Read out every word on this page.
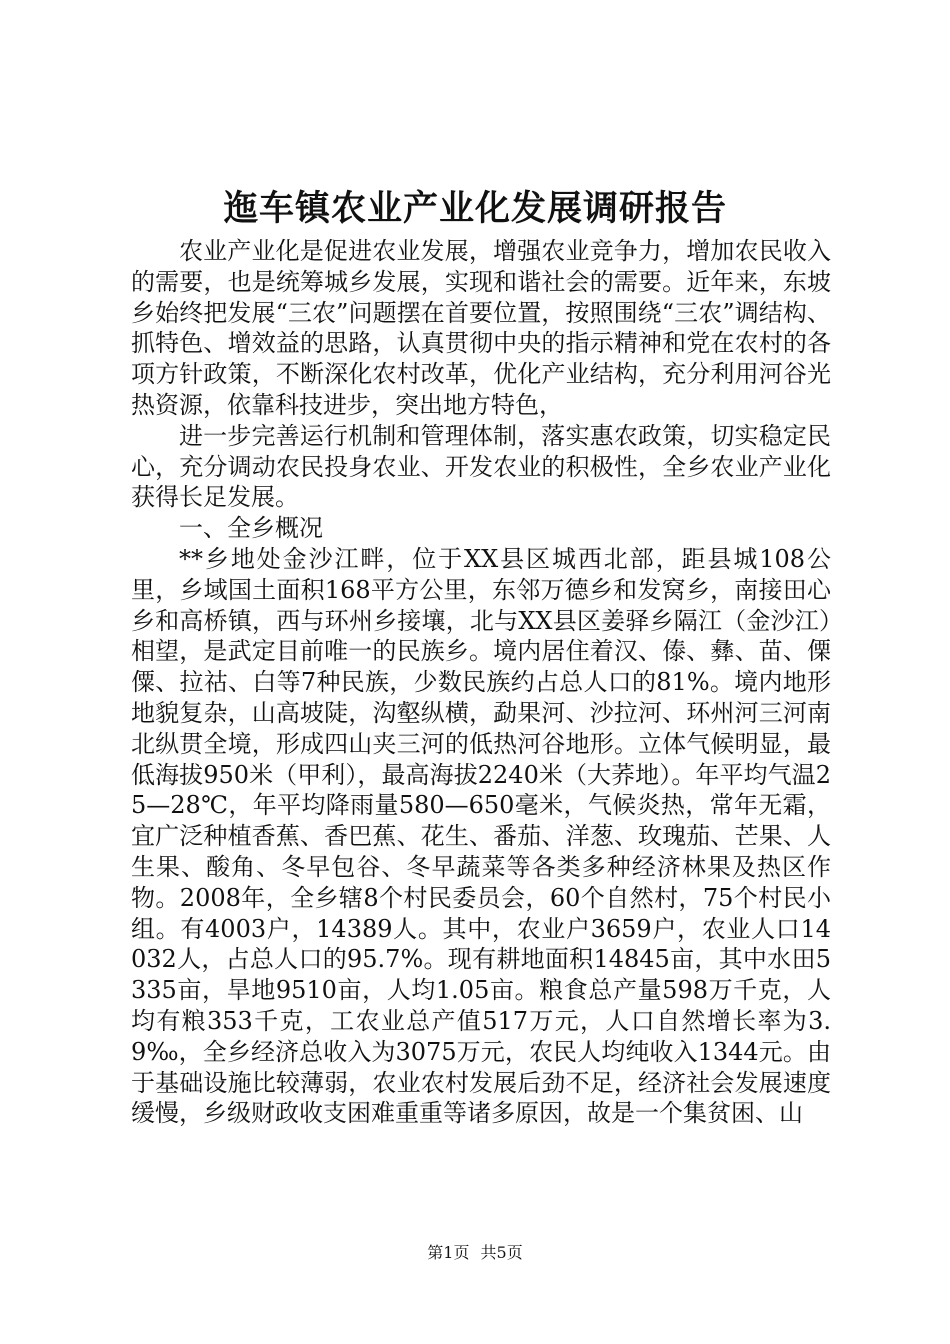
迤车镇农业产业化发展调研报告

农业产业化是促进农业发展，增强农业竞争力，增加农民收入的需要，也是统筹城乡发展，实现和谐社会的需要。近年来，东坡乡始终把发展“三农”问题摆在首要位置，按照围绕“三农”调结构、抓特色、增效益的思路，认真贯彻中央的指示精神和党在农村的各项方针政策，不断深化农村改革，优化产业结构，充分利用河谷光热资源，依靠科技进步，突出地方特色，

进一步完善运行机制和管理体制，落实惠农政策，切实稳定民心，充分调动农民投身农业、开发农业的积极性，全乡农业产业化获得长足发展。

一、全乡概况

**乡地处金沙江畔，位于XX县区城西北部，距县城108公里，乡域国土面积168平方公里，东邻万德乡和发窝乡，南接田心乡和高桥镇，西与环州乡接壤，北与XX县区姜驿乡隔江（金沙江）相望，是武定目前唯一的民族乡。境内居住着汉、傣、彝、苗、傈僳、拉祜、白等7种民族，少数民族约占总人口的81%。境内地形地貌复杂，山高坡陡，沟壑纵横，勐果河、沙拉河、环州河三河南北纵贯全境，形成四山夹三河的低热河谷地形。立体气候明显，最低海拔950米（甲利），最高海拔2240米（大荞地）。年平均气温25—28℃，年平均降雨量580—650毫米，气候炎热，常年无霜，宜广泛种植香蕉、香巴蕉、花生、番茄、洋葱、玫瑰茄、芒果、人生果、酸角、冬早包谷、冬早蔬菜等各类多种经济林果及热区作物。2008年，全乡辖8个村民委员会，60个自然村，75个村民小组。有4003户，14389人。其中，农业户3659户，农业人口14032人，占总人口的95.7%。现有耕地面积14845亩，其中水田5335亩，旱地9510亩，人均1.05亩。粮食总产量598万千克，人均有粮353千克，工农业总产值517万元，人口自然增长率为3.9‰，全乡经济总收入为3075万元，农民人均纯收入1344元。由于基础设施比较薄弱，农业农村发展后劲不足，经济社会发展速度缓慢，乡级财政收支困难重重等诸多原因，故是一个集贫困、山

第1页 共5页
